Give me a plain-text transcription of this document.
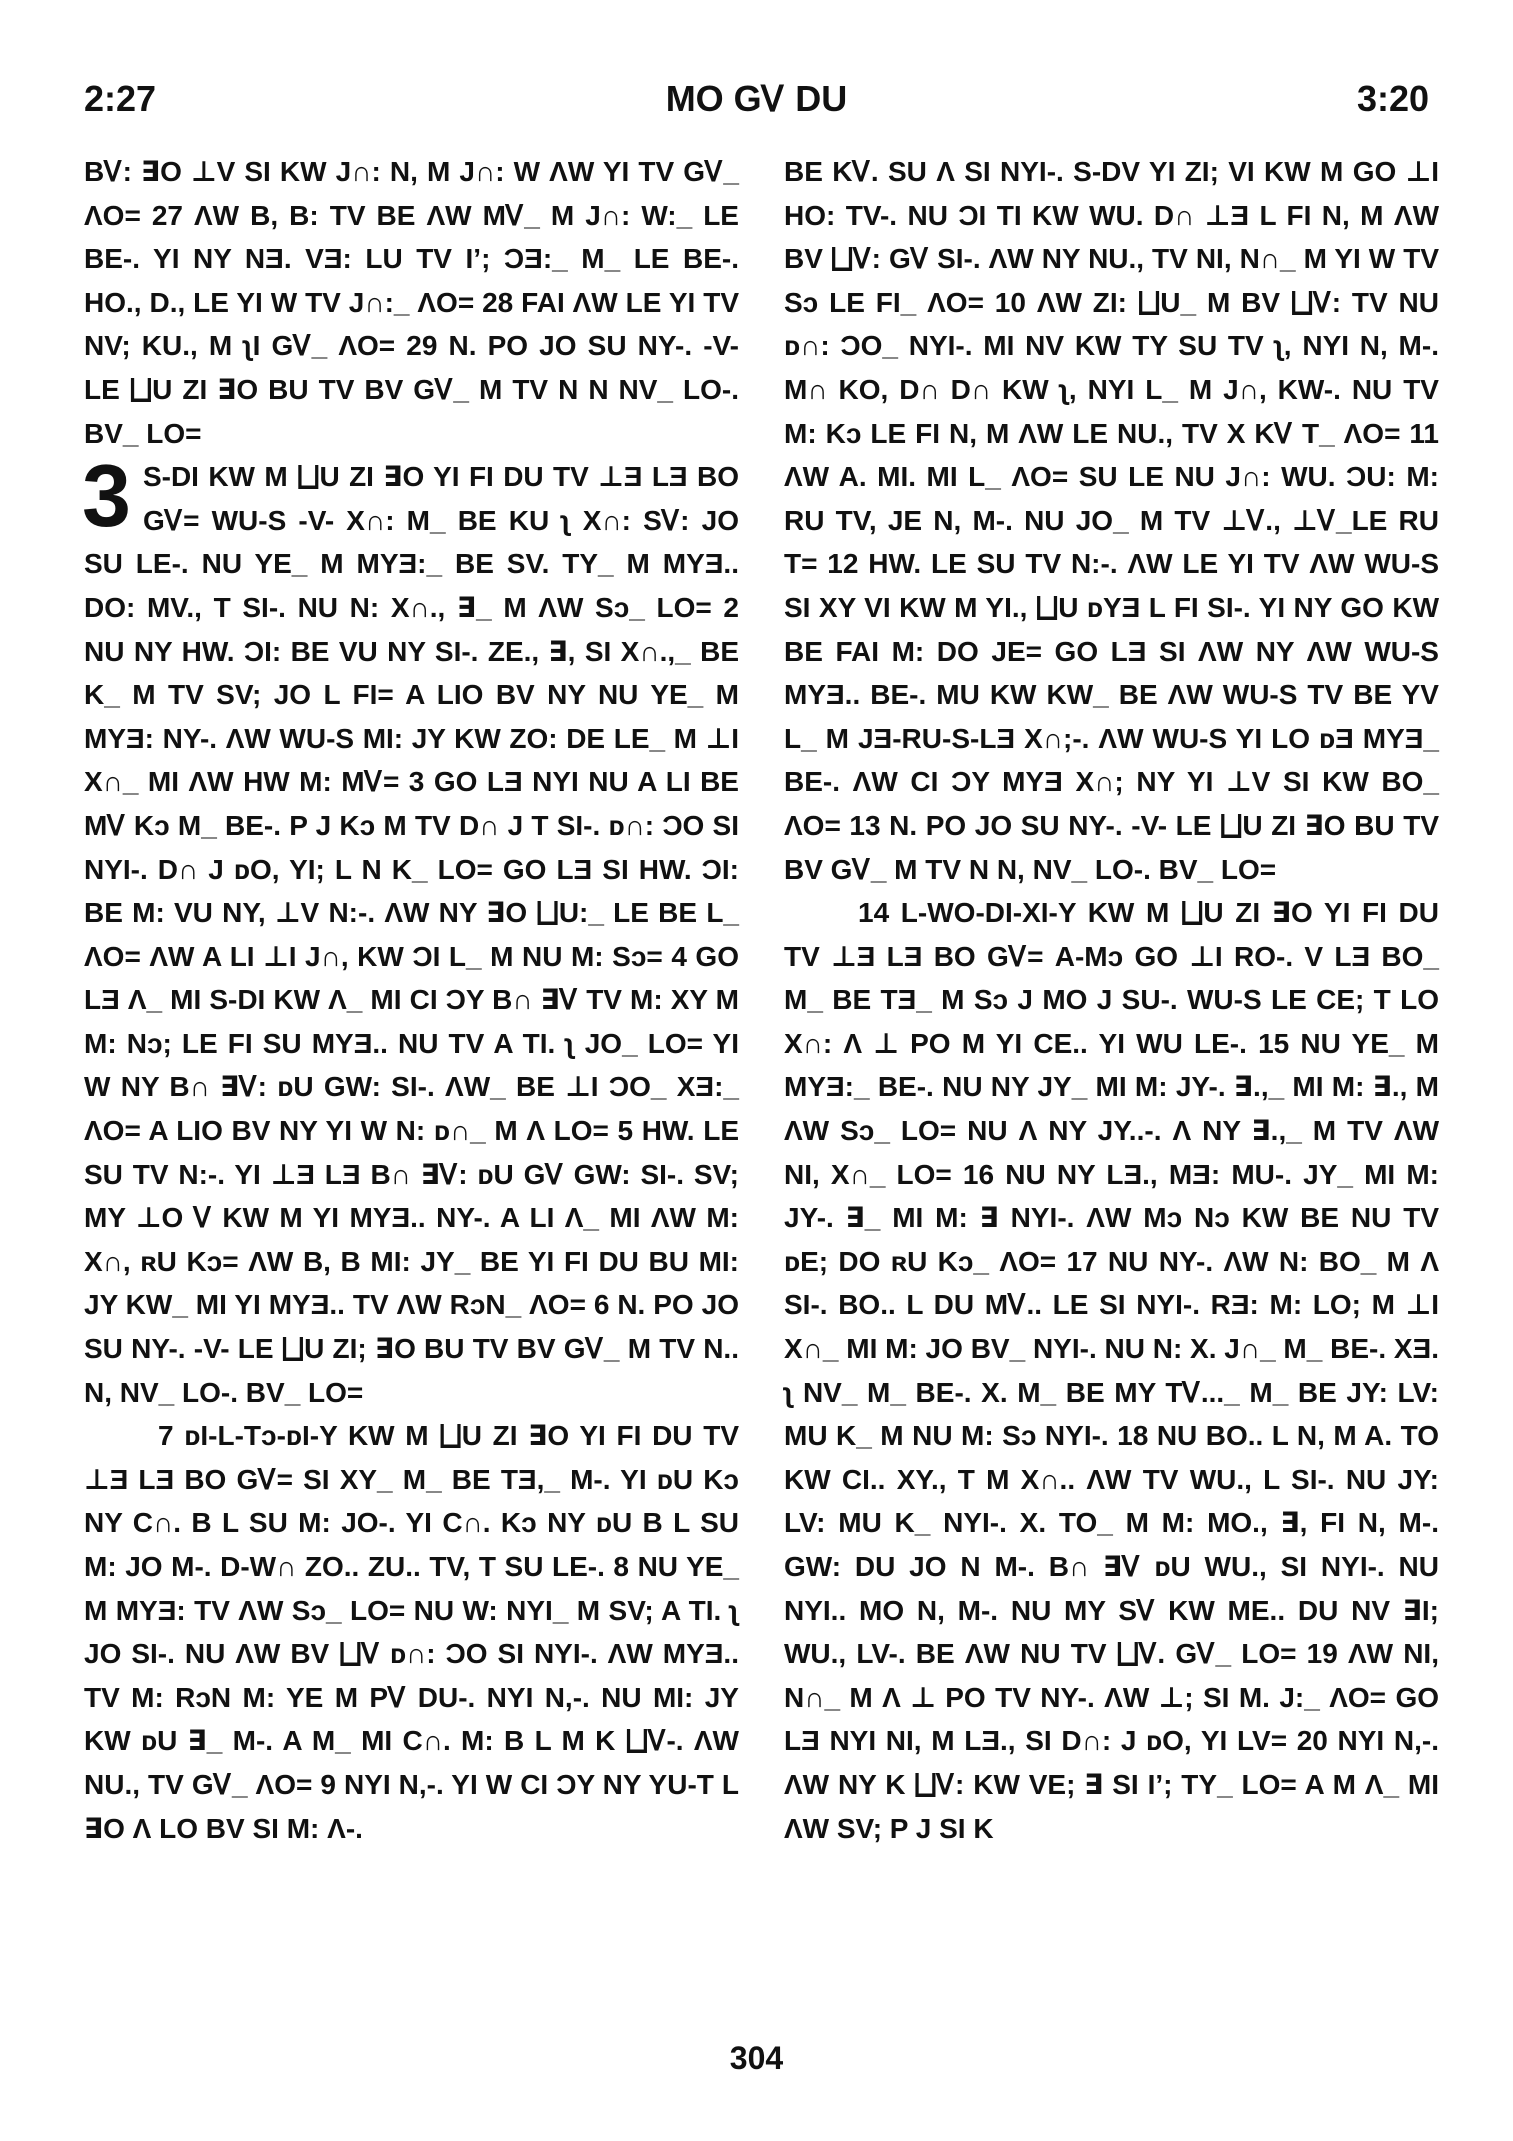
2:27	MO GᏙ DU	3:20

BᏙ: ∃O ⊥V SI KW J∩: N, M J∩: W ΛW YI TV GᏙ_ ΛO= 27 ΛW B, B: TV BE ΛW MᏙ_ M J∩: W:_ LE BE-. YI NY NƎ. VƎ: LU TV Iʼ; ƆƎ:_ M_ LE BE-. HO., D., LE YI W TV J∩:_ ΛO= 28 FAI ΛW LE YI TV NV; KU., M ʅI GᏙ_ ΛO= 29 N. PO JO SU NY-. -V- LE ⨆U ZI ∃O BU TV BV GᏙ_ M TV N N NV_ LO-. BV_ LO=

3 S-DI KW M ⨆U ZI ∃O YI FI DU TV ⊥Ǝ LƎ BO GᏙ= WU-S -V- X∩: M_ BE KU ʅ X∩: SᏙ: JO SU LE-. NU YE_ M MYƎ:_ BE SV. TY_ M MYƎ.. DO: MV., T SI-. NU N: X∩., ∃_ M ΛW Sɔ_ LO= 2 NU NY HW. ƆI: BE VU NY SI-. ZE., ∃, SI X∩.,_ BE K_ M TV SV; JO L FI= A LIO BV NY NU YE_ M MYƎ: NY-. ΛW WU-S MI: JY KW ZO: DE LE_ M ⊥I X∩_ MI ΛW HW M: MᏙ= 3 GO LƎ NYI NU A LI BE MᏙ Kɔ M_ BE-. P J Kɔ M TV D∩ J T SI-. ᴅ∩: ƆO SI NYI-. D∩ J ᴅO, YI; L N K_ LO= GO LƎ SI HW. ƆI: BE M: VU NY, ⊥V N:-. ΛW NY ∃O ⨆U:_ LE BE L_ ΛO= ΛW A LI ⊥I J∩, KW ƆI L_ M NU M: Sɔ= 4 GO LƎ Λ_ MI S-DI KW Λ_ MI CI ƆY B∩ ∃Ꮩ TV M: XY M M: Nɔ; LE FI SU MYƎ.. NU TV A TI. ʅ JO_ LO= YI W NY B∩ ∃Ꮩ: ᴅU GW: SI-. ΛW_ BE ⊥I ƆO_ XƎ:_ ΛO= A LIO BV NY YI W N: ᴅ∩_ M Λ LO= 5 HW. LE SU TV N:-. YI ⊥Ǝ LƎ B∩ ∃Ꮩ: ᴅU GᏙ GW: SI-. SV; MY ⊥O Ꮩ KW M YI MYƎ.. NY-. A LI Λ_ MI ΛW M: X∩, ʀU Kɔ= ΛW B, B MI: JY_ BE YI FI DU BU MI: JY KW_ MI YI MYƎ.. TV ΛW RɔN_ ΛO= 6 N. PO JO SU NY-. -V- LE ⨆U ZI; ∃O BU TV BV GᏙ_ M TV N.. N, NV_ LO-. BV_ LO=

7 ᴅI-L-Tɔ-ᴅI-Y KW M ⨆U ZI ∃O YI FI DU TV ⊥Ǝ LƎ BO GᏙ= SI XY_ M_ BE TƎ,_ M-. YI ᴅU Kɔ NY C∩. B L SU M: JO-. YI C∩. Kɔ NY ᴅU B L SU M: JO M-. D-W∩ ZO.. ZU.. TV, T SU LE-. 8 NU YE_ M MYƎ: TV ΛW Sɔ_ LO= NU W: NYI_ M SV; A TI. ʅ JO SI-. NU ΛW BV ⨆Ꮩ ᴅ∩: ƆO SI NYI-. ΛW MYƎ.. TV M: RɔN M: YE M PᏙ DU-. NYI N,-. NU MI: JY KW ᴅU ∃_ M-. A M_ MI C∩. M: B L M K ⨆Ꮩ-. ΛW NU., TV GᏙ_ ΛO= 9 NYI N,-. YI W CI ƆY NY YU-T L ∃O Λ LO BV SI M: Λ-.

BE KᏙ. SU Λ SI NYI-. S-DV YI ZI; VI KW M GO ⊥I HO: TV-. NU ƆI TI KW WU. D∩ ⊥Ǝ L FI N, M ΛW BV ⨆Ꮩ: GᏙ SI-. ΛW NY NU., TV NI, N∩_ M YI W TV Sɔ LE FI_ ΛO= 10 ΛW ZI: ⨆U_ M BV ⨆Ꮩ: TV NU ᴅ∩: ƆO_ NYI-. MI NV KW TY SU TV ʅ, NYI N, M-. M∩ KO, D∩ D∩ KW ʅ, NYI L_ M J∩, KW-. NU TV M: Kɔ LE FI N, M ΛW LE NU., TV X KᏙ T_ ΛO= 11 ΛW A. MI. MI L_ ΛO= SU LE NU J∩: WU. ƆU: M: RU TV, JE N, M-. NU JO_ M TV ⊥Ꮩ., ⊥Ꮩ_LE RU T= 12 HW. LE SU TV N:-. ΛW LE YI TV ΛW WU-S SI XY VI KW M YI., ⨆U ᴅYƎ L FI SI-. YI NY GO KW BE FAI M: DO JE= GO LƎ SI ΛW NY ΛW WU-S MYƎ.. BE-. MU KW KW_ BE ΛW WU-S TV BE YV L_ M JƎ-RU-S-LƎ X∩;-. ΛW WU-S YI LO ᴅƎ MYƎ_ BE-. ΛW CI ƆY MYƎ X∩; NY YI ⊥V SI KW BO_ ΛO= 13 N. PO JO SU NY-. -V- LE ⨆U ZI ∃O BU TV BV GᏙ_ M TV N N, NV_ LO-. BV_ LO=

14 L-WO-DI-XI-Y KW M ⨆U ZI ∃O YI FI DU TV ⊥Ǝ LƎ BO GᏙ= A-Mɔ GO ⊥I RO-. V LƎ BO_ M_ BE TƎ_ M Sɔ J MO J SU-. WU-S LE CE; T LO X∩: Λ ⊥ PO M YI CE.. YI WU LE-. 15 NU YE_ M MYƎ:_ BE-. NU NY JY_ MI M: JY-. ∃.,_ MI M: ∃., M ΛW Sɔ_ LO= NU Λ NY JY..-. Λ NY ∃.,_ M TV ΛW NI, X∩_ LO= 16 NU NY LƎ., MƎ: MU-. JY_ MI M: JY-. ∃_ MI M: ∃ NYI-. ΛW Mɔ Nɔ KW BE NU TV ᴅE; DO ʀU Kɔ_ ΛO= 17 NU NY-. ΛW N: BO_ M Λ SI-. BO.. L DU MᏙ.. LE SI NYI-. RƎ: M: LO; M ⊥I X∩_ MI M: JO BV_ NYI-. NU N: X. J∩_ M_ BE-. XƎ. ʅ NV_ M_ BE-. X. M_ BE MY TᏙ..._ M_ BE JY: LV: MU K_ M NU M: Sɔ NYI-. 18 NU BO.. L N, M A. TO KW CI.. XY., T M X∩.. ΛW TV WU., L SI-. NU JY: LV: MU K_ NYI-. X. TO_ M M: MO., ∃, FI N, M-. GW: DU JO N M-. B∩ ∃Ꮩ ᴅU WU., SI NYI-. NU NYI.. MO N, M-. NU MY SᏙ KW ME.. DU NV ∃I; WU., LV-. BE ΛW NU TV ⨆Ꮩ. GᏙ_ LO= 19 ΛW NI, N∩_ M Λ ⊥ PO TV NY-. ΛW ⊥; SI M. J:_ ΛO= GO LƎ NYI NI, M LƎ., SI D∩: J ᴅO, YI LV= 20 NYI N,-. ΛW NY K ⨆Ꮩ: KW VE; ∃ SI Iʼ; TY_ LO= A M Λ_ MI ΛW SV; P J SI K

304
